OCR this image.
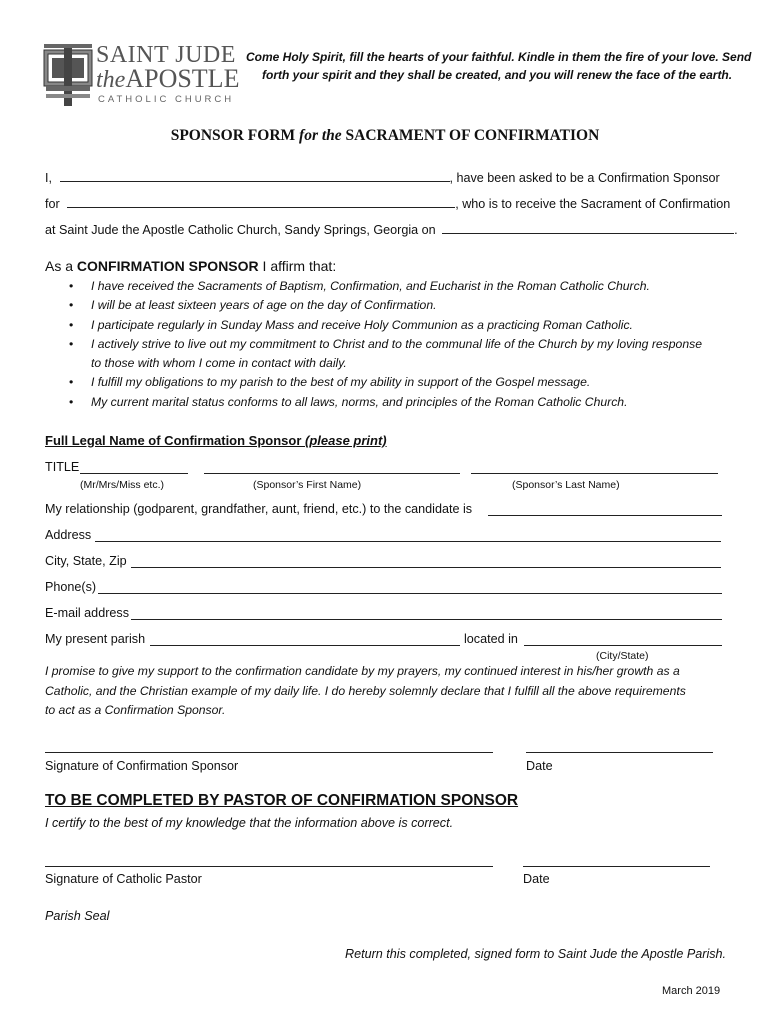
SAINT JUDE
theAPOSTLE
CATHOLIC CHURCH
Come Holy Spirit, fill the hearts of your faithful. Kindle in them the fire of your love. Send
forth your spirit and they shall be created, and you will renew the face of the earth.
SPONSOR FORM for the SACRAMENT OF CONFIRMATION
I,	, have been asked to be a Confirmation Sponsor
for	, who is to receive the Sacrament of Confirmation
at Saint Jude the Apostle Catholic Church, Sandy Springs, Georgia on	.
As a CONFIRMATION SPONSOR I affirm that:
• I have received the Sacraments of Baptism, Confirmation, and Eucharist in the Roman Catholic Church.
• I will be at least sixteen years of age on the day of Confirmation.
• I participate regularly in Sunday Mass and receive Holy Communion as a practicing Roman Catholic.
• I actively strive to live out my commitment to Christ and to the communal life of the Church by my loving response
to those with whom I come in contact with daily.
• I fulfill my obligations to my parish to the best of my ability in support of the Gospel message.
• My current marital status conforms to all laws, norms, and principles of the Roman Catholic Church.
Full Legal Name of Confirmation Sponsor (please print)
TITLE
(Mr/Mrs/Miss etc.)	(Sponsor’s First Name)	(Sponsor’s Last Name)
My relationship (godparent, grandfather, aunt, friend, etc.) to the candidate is
Address
City, State, Zip
Phone(s)
E-mail address
My present parish	located in
(City/State)
I promise to give my support to the confirmation candidate by my prayers, my continued interest in his/her growth as a
Catholic, and the Christian example of my daily life. I do hereby solemnly declare that I fulfill all the above requirements
to act as a Confirmation Sponsor.
Signature of Confirmation Sponsor	Date
TO BE COMPLETED BY PASTOR OF CONFIRMATION SPONSOR
I certify to the best of my knowledge that the information above is correct.
Signature of Catholic Pastor	Date
Parish Seal
Return this completed, signed form to Saint Jude the Apostle Parish.
March 2019
